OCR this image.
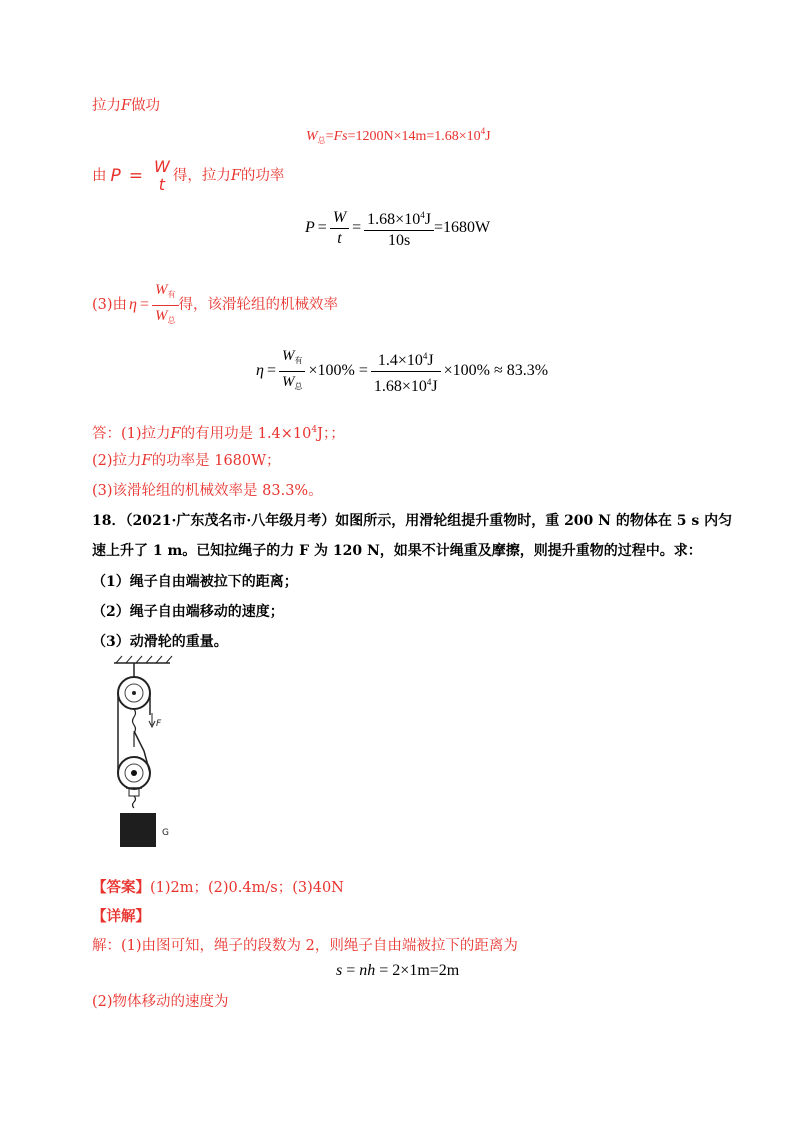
拉力F做功
$W_总=Fs=1200N\times 14m=1.68\times 10^4J$
由 P = W
t 得，拉力 F 的功率
$P = \frac{W}{t} = \frac{1.68\times 10^4J}{10s} =1680W$
(3)由 $\eta = \frac{W_有}{W_总}$ 得，该滑轮组的机械效率
$\eta = \frac{W_有}{W_总} \times 100\% = \frac{1.4\times 10^4J}{1.68\times 10^4J} \times 100\% \approx 83.3\%$
答：(1)拉力F的有用功是 $1.4\times 10^4J$；；
(2)拉力F的功率是 1680W；
(3)该滑轮组的机械效率是 83.3%。
18．（2021·广东茂名市·八年级月考）如图所示，用滑轮组提升重物时，重 200 N 的物体在 5 s 内匀
速上升了 1 m。已知拉绳子的力 F 为 120 N，如果不计绳重及摩擦，则提升重物的过程中。求：
（1）绳子自由端被拉下的距离；
（2）绳子自由端移动的速度；
（3）动滑轮的重量。
F
G
【答案】(1)2m；(2)0.4m/s；(3)40N
【详解】
解：(1)由图可知，绳子的段数为 2，则绳子自由端被拉下的距离为
s = nh = 2×1m=2m
(2)物体移动的速度为
